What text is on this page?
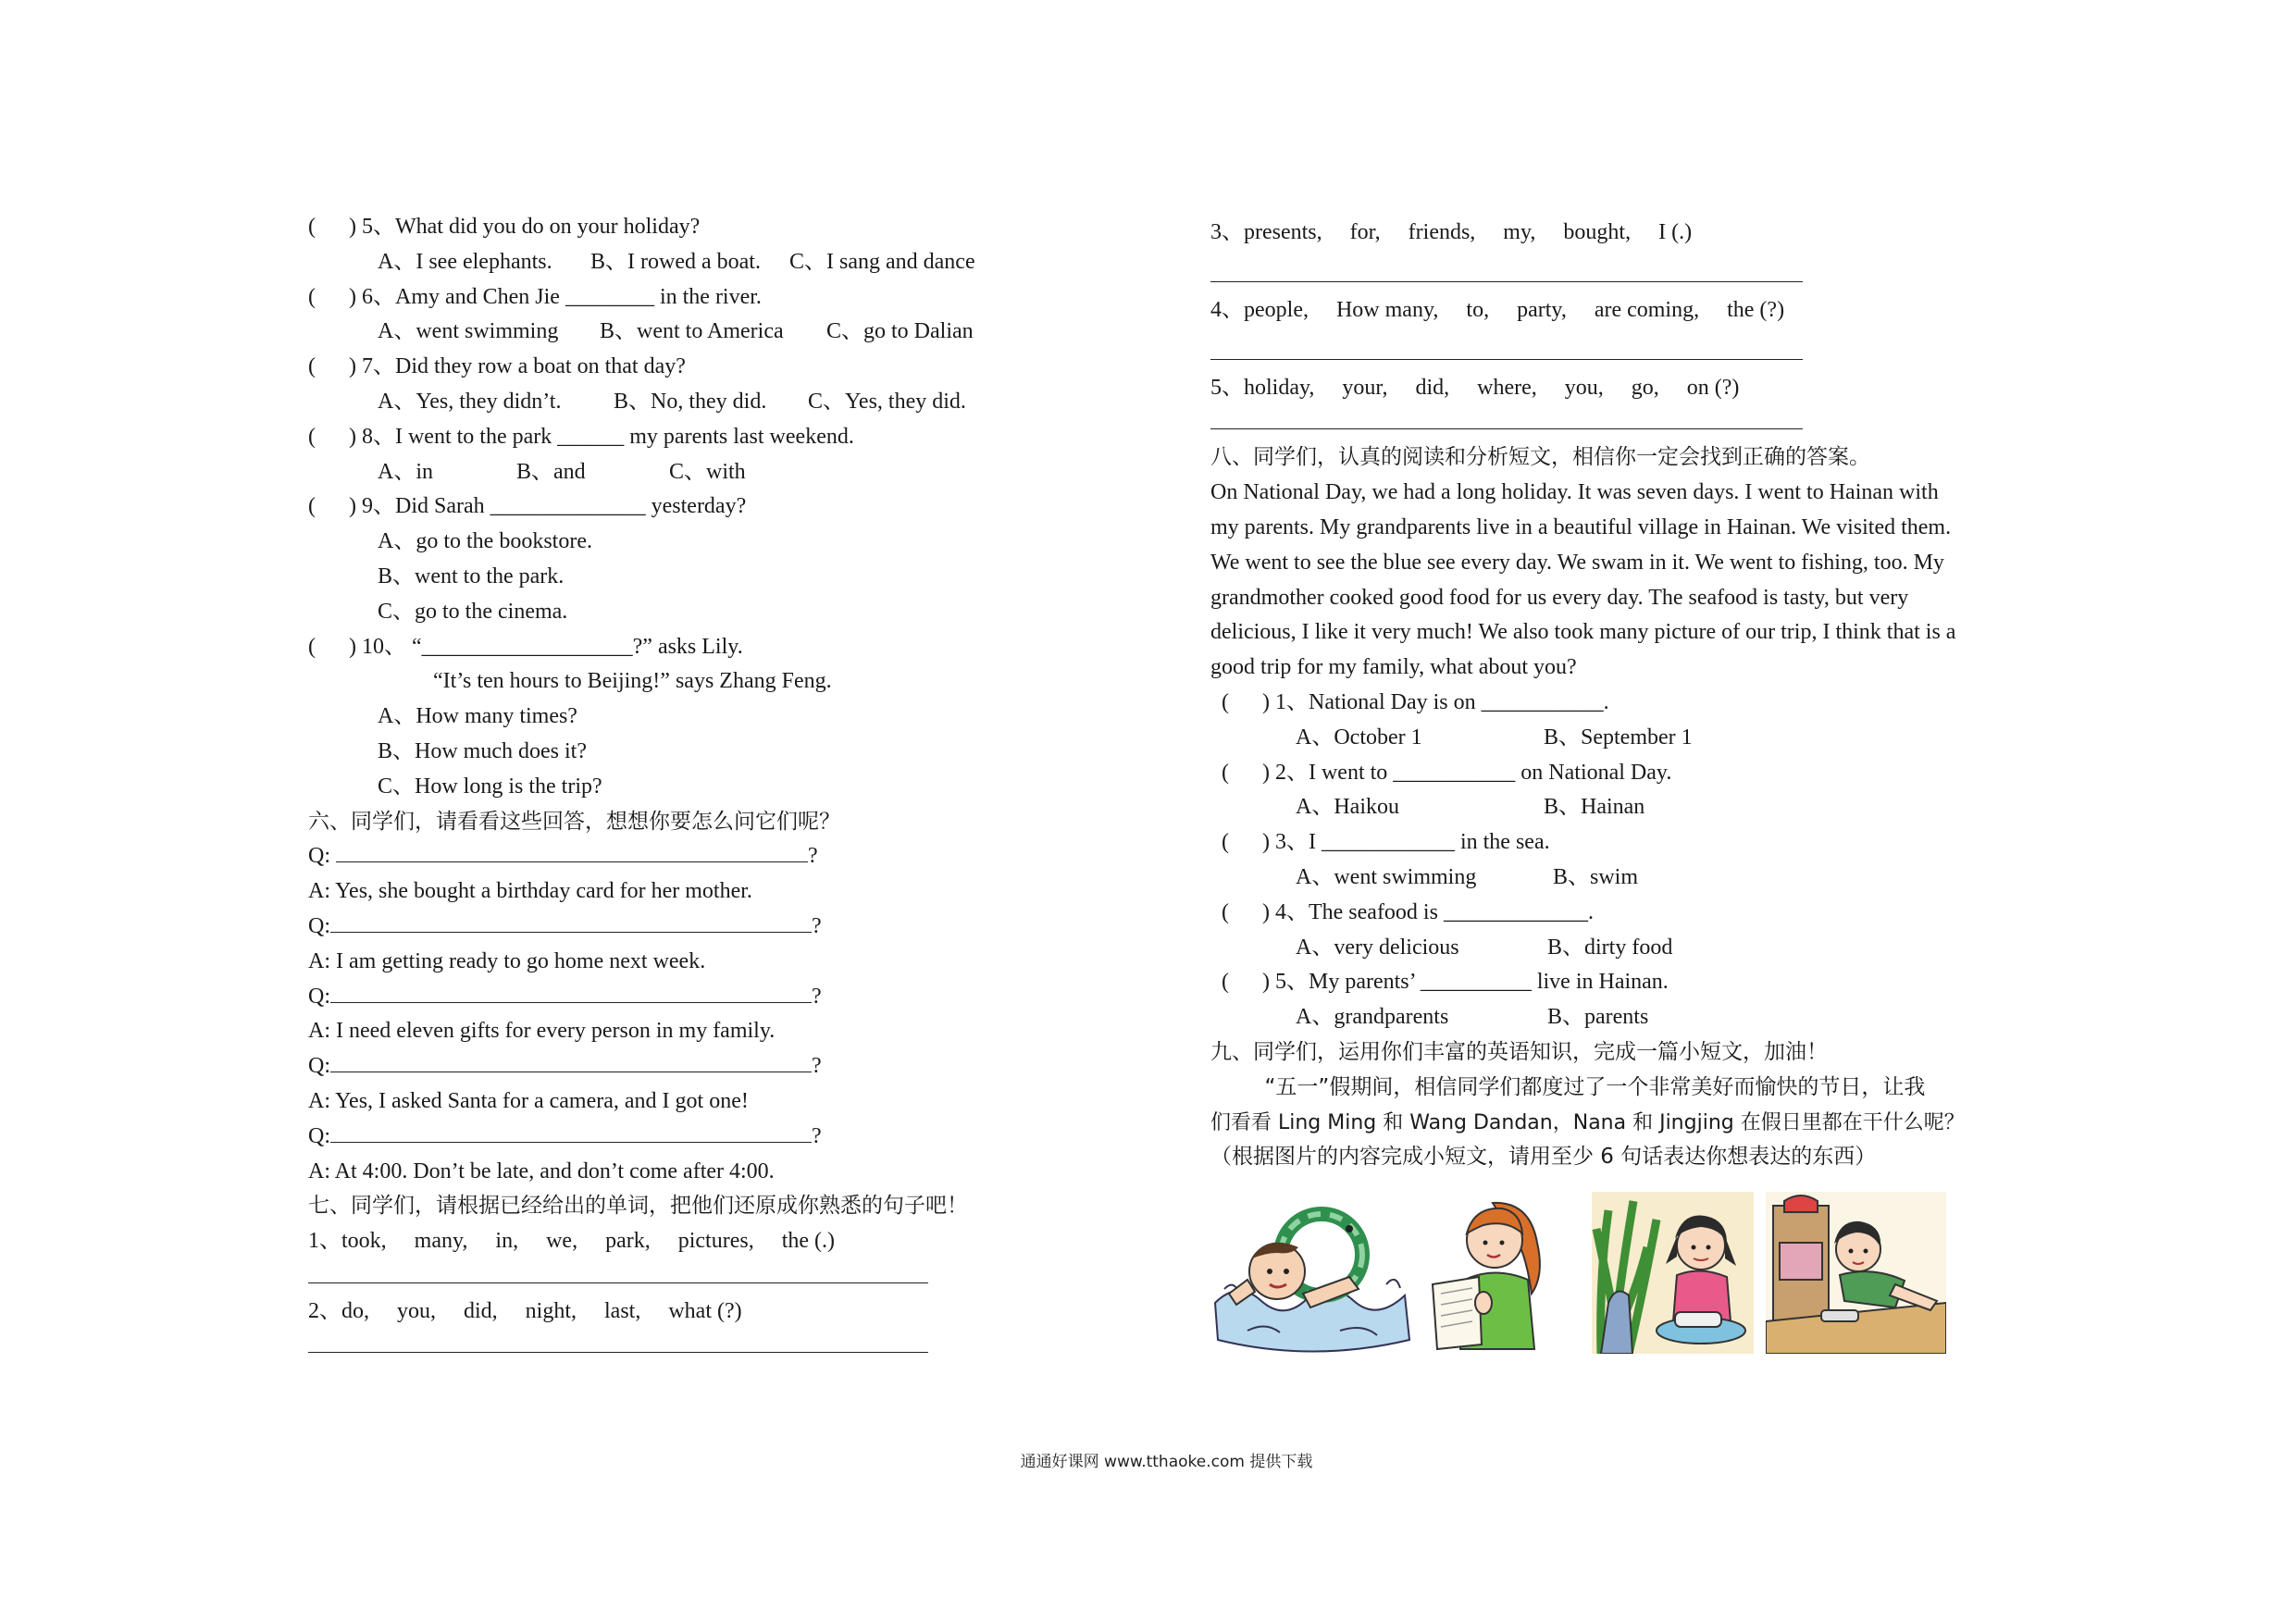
(      ) 5、What did you do on your holiday?
A、I see elephants. B、I rowed a boat. C、I sang and dance
(      ) 6、Amy and Chen Jie ________ in the river.
A、went swimming B、went to America C、go to Dalian
(      ) 7、Did they row a boat on that day?
A、Yes, they didn’t. B、No, they did. C、Yes, they did.
(      ) 8、I went to the park ______ my parents last weekend.
A、in	B、and	C、with
(      ) 9、Did Sarah ______________ yesterday?
A、go to the bookstore.
B、went to the park.
C、go to the cinema.
(      ) 10、 “___________________?” asks Lily.
“It’s ten hours to Beijing!” says Zhang Feng.
A、How many times?
B、How much does it?
C、How long is the trip?
六、同学们，请看看这些回答，想想你要怎么问它们呢？
Q:	?
A: Yes, she bought a birthday card for her mother.
Q:	?
A: I am getting ready to go home next week.
Q:	?
A: I need eleven gifts for every person in my family.
Q:	?
A: Yes, I asked Santa for a camera, and I got one!
Q:	?
A: At 4:00. Don’t be late, and don’t come after 4:00.
七、同学们，请根据已经给出的单词，把他们还原成你熟悉的句子吧！
1、took,     many,     in,     we,     park,     pictures,     the (.)
2、do,     you,     did,     night,     last,     what (?)
3、presents,     for,     friends,     my,     bought,     I (.)
4、people,     How many,     to,     party,     are coming,     the (?)
5、holiday,     your,     did,     where,     you,     go,     on (?)
八、同学们，认真的阅读和分析短文，相信你一定会找到正确的答案。
On National Day, we had a long holiday. It was seven days. I went to Hainan with
my parents. My grandparents live in a beautiful village in Hainan. We visited them.
We went to see the blue see every day. We swam in it. We went to fishing, too. My
grandmother cooked good food for us every day. The seafood is tasty, but very
delicious, I like it very much! We also took many picture of our trip, I think that is a
good trip for my family, what about you?
(      ) 1、National Day is on ___________.
A、October 1	B、September 1
(      ) 2、I went to ___________ on National Day.
A、Haikou	B、Hainan
(      ) 3、I ____________ in the sea.
A、went swimming	B、swim
(      ) 4、The seafood is _____________.
A、very delicious	B、dirty food
(      ) 5、My parents’ __________ live in Hainan.
A、grandparents	B、parents
九、同学们，运用你们丰富的英语知识，完成一篇小短文，加油！
“五一”假期间，相信同学们都度过了一个非常美好而愉快的节日，让我
们看看 Ling Ming 和 Wang Dandan，Nana 和 Jingjing 在假日里都在干什么呢？
（根据图片的内容完成小短文，请用至少 6 句话表达你想表达的东西）
通通好课网 www.tthaoke.com 提供下载
